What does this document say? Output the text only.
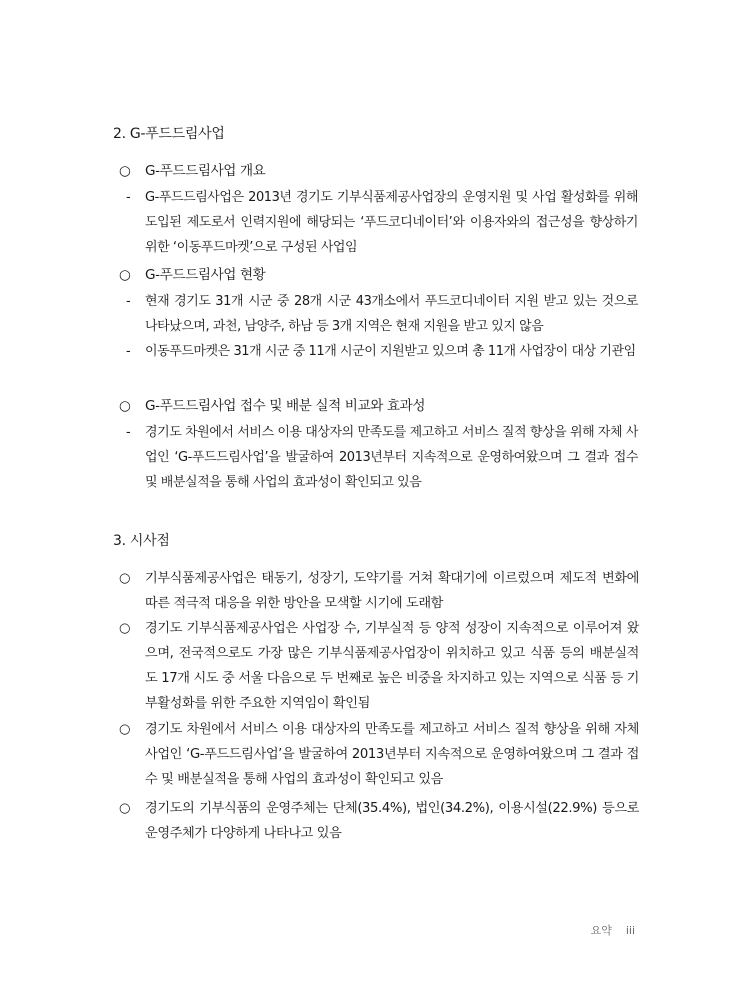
2. G-푸드드림사업
○	G-푸드드림사업 개요
-	G-푸드드림사업은 2013년 경기도 기부식품제공사업장의 운영지원 및 사업 활성화를 위해 도입된 제도로서 인력지원에 해당되는 ‘푸드코디네이터’와 이용자와의 접근성을 향상하기 위한 ‘이동푸드마켓’으로 구성된 사업임
○	G-푸드드림사업 현황
-	현재 경기도 31개 시군 중 28개 시군 43개소에서 푸드코디네이터 지원 받고 있는 것으로 나타났으며, 과천, 남양주, 하남 등 3개 지역은 현재 지원을 받고 있지 않음
-	이동푸드마켓은 31개 시군 중 11개 시군이 지원받고 있으며 총 11개 사업장이 대상 기관임
○	G-푸드드림사업 접수 및 배분 실적 비교와 효과성
-	경기도 차원에서 서비스 이용 대상자의 만족도를 제고하고 서비스 질적 향상을 위해 자체 사업인 ‘G-푸드드림사업’을 발굴하여 2013년부터 지속적으로 운영하여왔으며 그 결과 접수 및 배분실적을 통해 사업의 효과성이 확인되고 있음
3. 시사점
○	기부식품제공사업은 태동기, 성장기, 도약기를 거쳐 확대기에 이르렀으며 제도적 변화에 따른 적극적 대응을 위한 방안을 모색할 시기에 도래함
○	경기도 기부식품제공사업은 사업장 수, 기부실적 등 양적 성장이 지속적으로 이루어져 왔으며, 전국적으로도 가장 많은 기부식품제공사업장이 위치하고 있고 식품 등의 배분실적도 17개 시도 중 서울 다음으로 두 번째로 높은 비중을 차지하고 있는 지역으로 식품 등 기부활성화를 위한 주요한 지역임이 확인됨
○	경기도 차원에서 서비스 이용 대상자의 만족도를 제고하고 서비스 질적 향상을 위해 자체 사업인 ‘G-푸드드림사업’을 발굴하여 2013년부터 지속적으로 운영하여왔으며 그 결과 접수 및 배분실적을 통해 사업의 효과성이 확인되고 있음
○	경기도의 기부식품의 운영주체는 단체(35.4%), 법인(34.2%), 이용시설(22.9%) 등으로 운영주체가 다양하게 나타나고 있음
요약 iii
